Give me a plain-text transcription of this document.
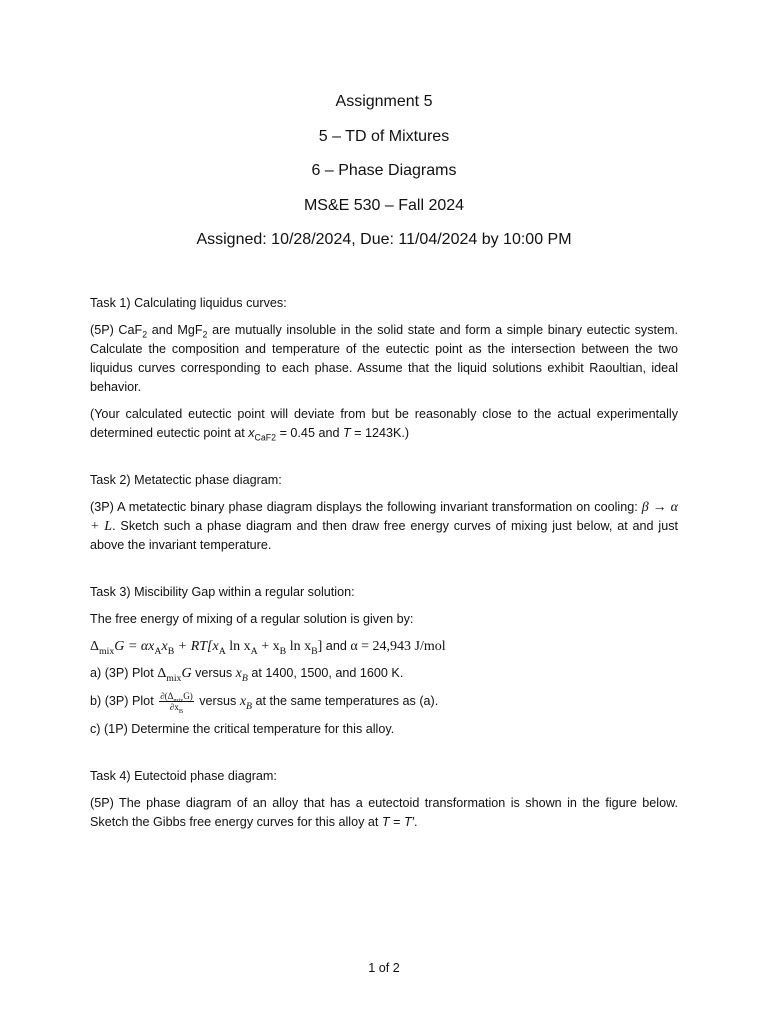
Assignment 5

5 – TD of Mixtures

6 – Phase Diagrams

MS&E 530 – Fall 2024

Assigned: 10/28/2024, Due: 11/04/2024 by 10:00 PM

Task 1) Calculating liquidus curves:

(5P) CaF$_2$ and MgF$_2$ are mutually insoluble in the solid state and form a simple binary eutectic system. Calculate the composition and temperature of the eutectic point as the intersection between the two liquidus curves corresponding to each phase. Assume that the liquid solutions exhibit Raoultian, ideal behavior.

(Your calculated eutectic point will deviate from but be reasonably close to the actual experimentally determined eutectic point at $x_{CaF2} = 0.45$ and T = 1243K.)

Task 2) Metatectic phase diagram:

(3P) A metatectic binary phase diagram displays the following invariant transformation on cooling: β → α + L. Sketch such a phase diagram and then draw free energy curves of mixing just below, at and just above the invariant temperature.

Task 3) Miscibility Gap within a regular solution:

The free energy of mixing of a regular solution is given by:

$\Delta_{mix}G = \alpha x_Ax_B + RT[x_A$ $\ln x_A + x_B$ $\ln x_B$] and α = 24,943 J/mol

a) (3P) Plot $\Delta_{mix}G$ versus $x_B$ at 1400, 1500, and 1600 K.

b) (3P) Plot $\frac{\partial(\Delta_{mix}G)}{\partial x_B}$ versus $x_B$ at the same temperatures as (a).

c) (1P) Determine the critical temperature for this alloy.

Task 4) Eutectoid phase diagram:

(5P) The phase diagram of an alloy that has a eutectoid transformation is shown in the figure below. Sketch the Gibbs free energy curves for this alloy at T = T′.

1 of 2
